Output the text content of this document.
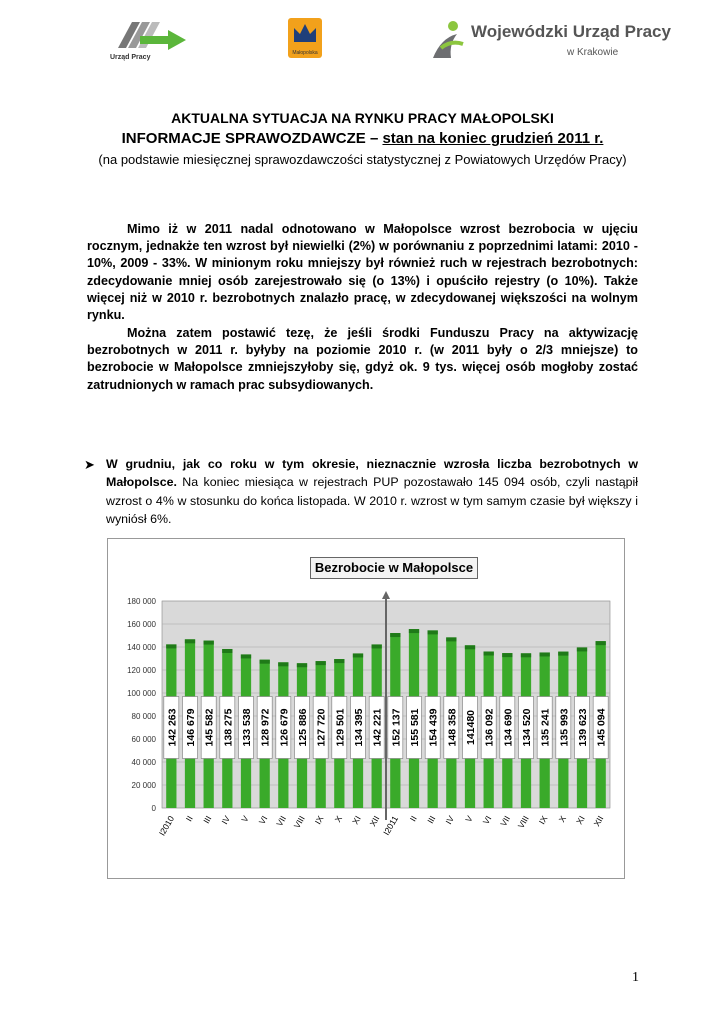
Urząd Pracy
Małopolska
Wojewódzki Urząd Pracy
w Krakowie
AKTUALNA SYTUACJA NA RYNKU PRACY MAŁOPOLSKI
INFORMACJE SPRAWOZDAWCZE – stan na koniec grudzień 2011 r.
(na podstawie miesięcznej sprawozdawczości statystycznej z Powiatowych Urzędów Pracy)
Mimo iż w 2011 nadal odnotowano w Małopolsce wzrost bezrobocia w ujęciu rocznym, jednakże ten wzrost był niewielki (2%) w porównaniu z poprzednimi latami: 2010 - 10%, 2009 - 33%. W minionym roku mniejszy był również ruch w rejestrach bezrobotnych: zdecydowanie mniej osób zarejestrowało się (o 13%) i opuściło rejestry (o 10%). Także więcej niż w 2010 r. bezrobotnych znalazło pracę, w zdecydowanej większości na wolnym rynku.
Można zatem postawić tezę, że jeśli środki Funduszu Pracy na aktywizację bezrobotnych w 2011 r. byłyby na poziomie 2010 r. (w 2011 były o 2/3 mniejsze) to bezrobocie w Małopolsce zmniejszyłoby się, gdyż ok. 9 tys. więcej osób mogłoby zostać zatrudnionych w ramach prac subsydiowanych.
➤ W grudniu, jak co roku w tym okresie, nieznacznie wzrosła liczba bezrobotnych w Małopolsce. Na koniec miesiąca w rejestrach PUP pozostawało 145 094 osób, czyli nastąpił wzrost o 4% w stosunku do końca listopada. W 2010 r. wzrost w tym samym czasie był większy i wyniósł 6%.
0
20 000
40 000
60 000
80 000
100 000
120 000
140 000
160 000
180 000
142 263
I2010
146 679
II
145 582
III
138 275
IV
133 538
V
128 972
VI
126 679
VII
125 886
VIII
127 720
IX
129 501
X
134 395
XI
142 221
XII
152 137
I2011
155 581
II
154 439
III
148 358
IV
141480
V
136 092
VI
134 690
VII
134 520
VIII
135 241
IX
135 993
X
139 623
XI
145 094
XII
Bezrobocie w Małopolsce
1
